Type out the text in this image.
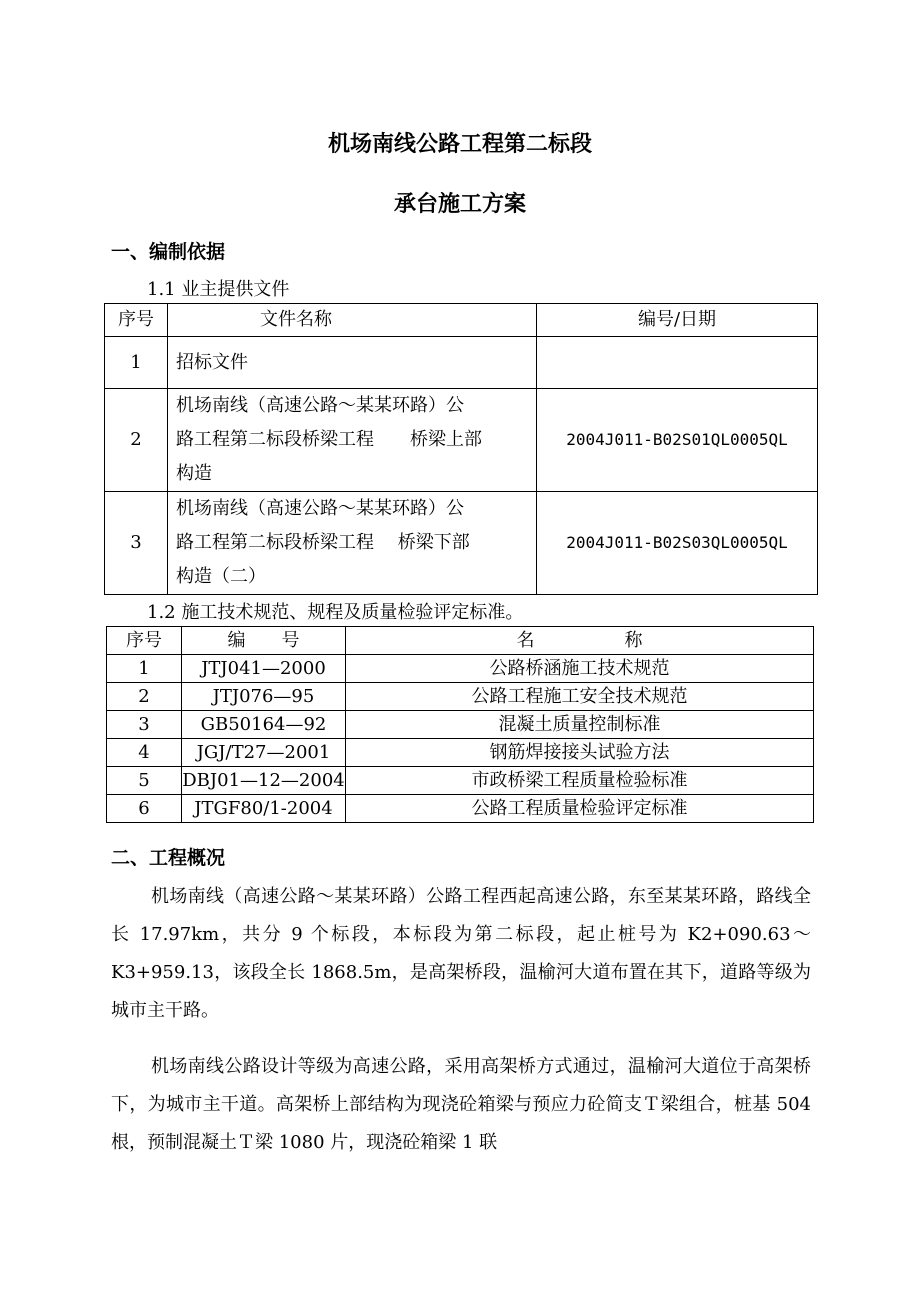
机场南线公路工程第二标段
承台施工方案
一、编制依据
1.1 业主提供文件
序号	文件名称	编号/日期
1	招标文件	
2	机场南线（高速公路～某某环路）公
路工程第二标段桥梁工程　　桥梁上部
构造	2004J011-B02S01QL0005QL
3	机场南线（高速公路～某某环路）公
路工程第二标段桥梁工程　 桥梁下部
构造（二）	2004J011-B02S03QL0005QL
1.2 施工技术规范、规程及质量检验评定标准。
序号	编　　号	名　　　　　称
1	JTJ041—2000	公路桥涵施工技术规范
2	JTJ076—95	公路工程施工安全技术规范
3	GB50164—92	混凝土质量控制标准
4	JGJ/T27—2001	钢筋焊接接头试验方法
5	DBJ01—12—2004	市政桥梁工程质量检验标准
6	JTGF80/1-2004	公路工程质量检验评定标准
二、工程概况

机场南线（高速公路～某某环路）公路工程西起高速公路，东至某某环路，路线全长 17.97km，共分 9 个标段，本标段为第二标段，起止桩号为 K2+090.63～K3+959.13，该段全长 1868.5m，是高架桥段，温榆河大道布置在其下，道路等级为城市主干路。

机场南线公路设计等级为高速公路，采用高架桥方式通过，温榆河大道位于高架桥下，为城市主干道。高架桥上部结构为现浇砼箱梁与预应力砼简支Ｔ梁组合，桩基 504 根，预制混凝土Ｔ梁 1080 片，现浇砼箱梁 1 联
